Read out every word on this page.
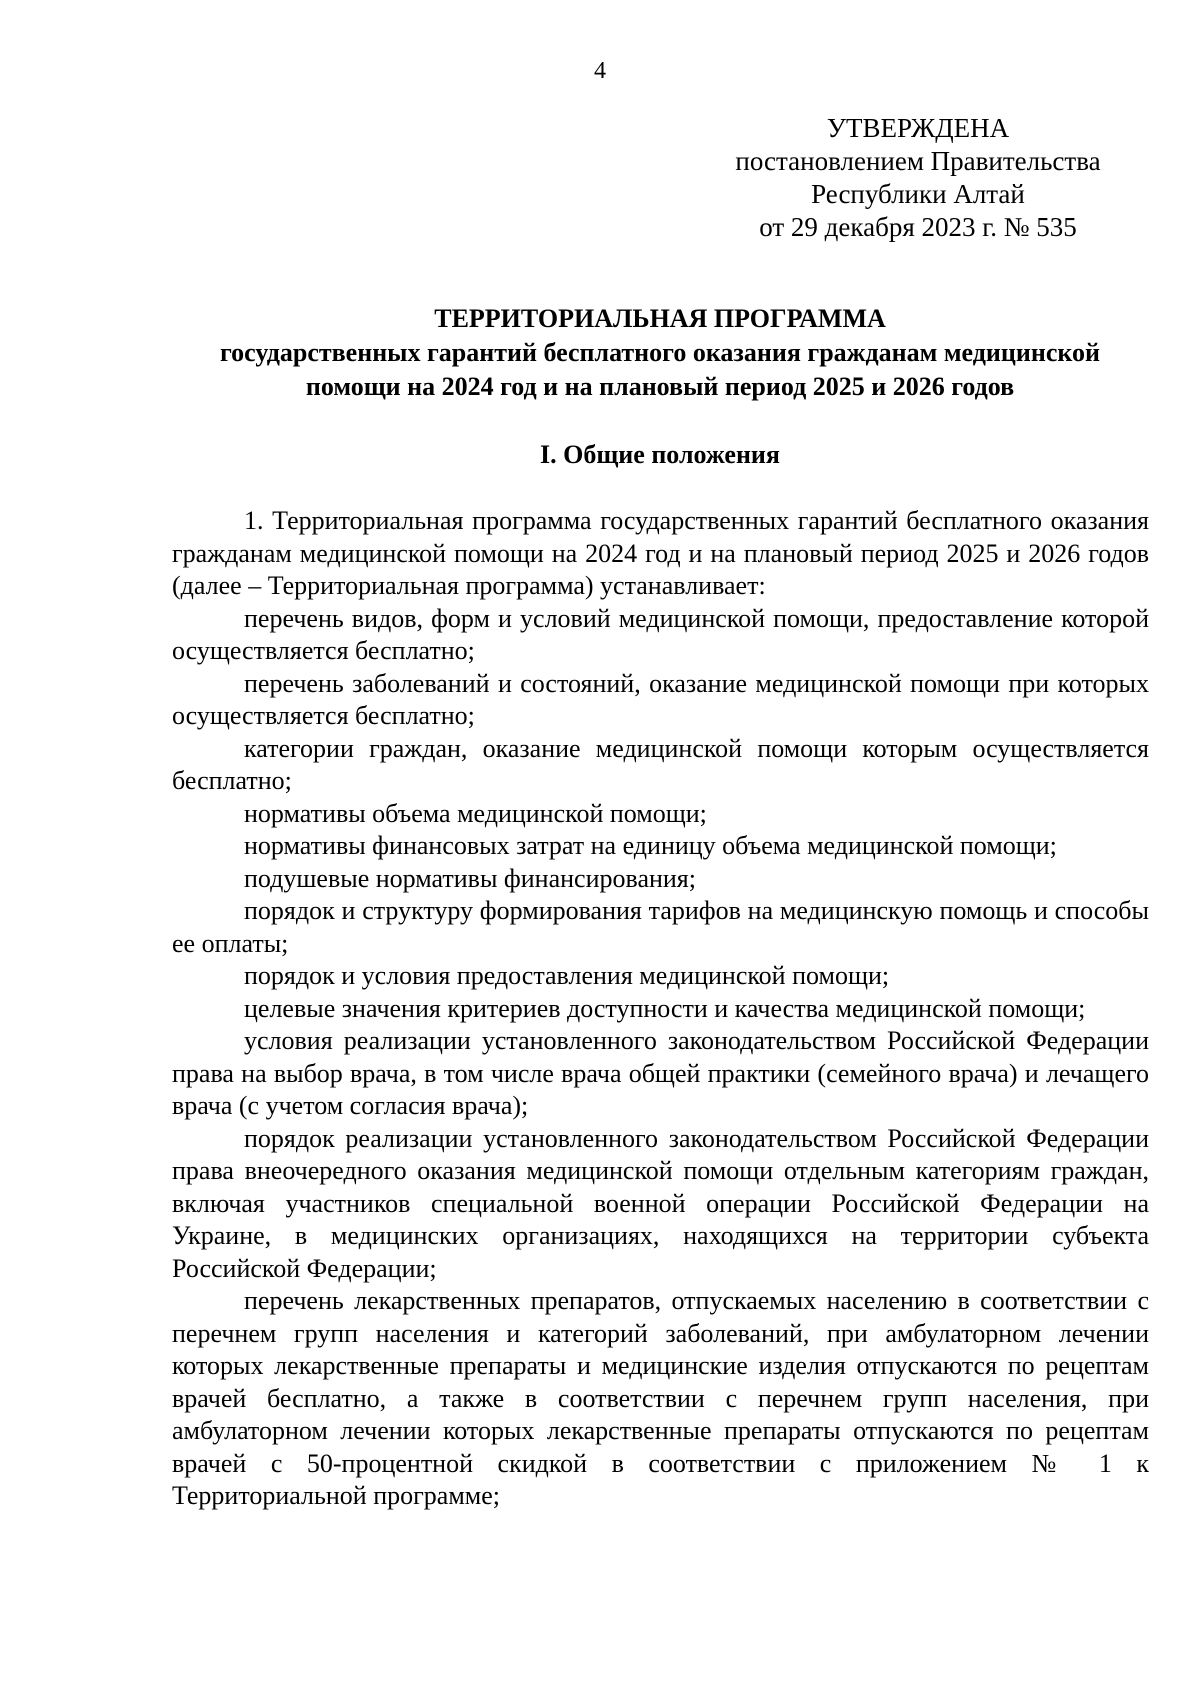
4
УТВЕРЖДЕНА
постановлением Правительства
Республики Алтай
от 29 декабря 2023 г. № 535
ТЕРРИТОРИАЛЬНАЯ ПРОГРАММА
государственных гарантий бесплатного оказания гражданам медицинской
помощи на 2024 год и на плановый период 2025 и 2026 годов
I. Общие положения

1. Территориальная программа государственных гарантий бесплатного оказания гражданам медицинской помощи на 2024 год и на плановый период 2025 и 2026 годов (далее – Территориальная программа) устанавливает:

перечень видов, форм и условий медицинской помощи, предоставление которой осуществляется бесплатно;

перечень заболеваний и состояний, оказание медицинской помощи при которых осуществляется бесплатно;

категории граждан, оказание медицинской помощи которым осуществляется бесплатно;

нормативы объема медицинской помощи;

нормативы финансовых затрат на единицу объема медицинской помощи;

подушевые нормативы финансирования;

порядок и структуру формирования тарифов на медицинскую помощь и способы ее оплаты;

порядок и условия предоставления медицинской помощи;

целевые значения критериев доступности и качества медицинской помощи;

условия реализации установленного законодательством Российской Федерации права на выбор врача, в том числе врача общей практики (семейного врача) и лечащего врача (с учетом согласия врача);

порядок реализации установленного законодательством Российской Федерации права внеочередного оказания медицинской помощи отдельным категориям граждан, включая участников специальной военной операции Российской Федерации на Украине, в медицинских организациях, находящихся на территории субъекта Российской Федерации;

перечень лекарственных препаратов, отпускаемых населению в соответствии с перечнем групп населения и категорий заболеваний, при амбулаторном лечении которых лекарственные препараты и медицинские изделия отпускаются по рецептам врачей бесплатно, а также в соответствии с перечнем групп населения, при амбулаторном лечении которых лекарственные препараты отпускаются по рецептам врачей с 50-процентной скидкой в соответствии с приложением № 1 к Территориальной программе;
